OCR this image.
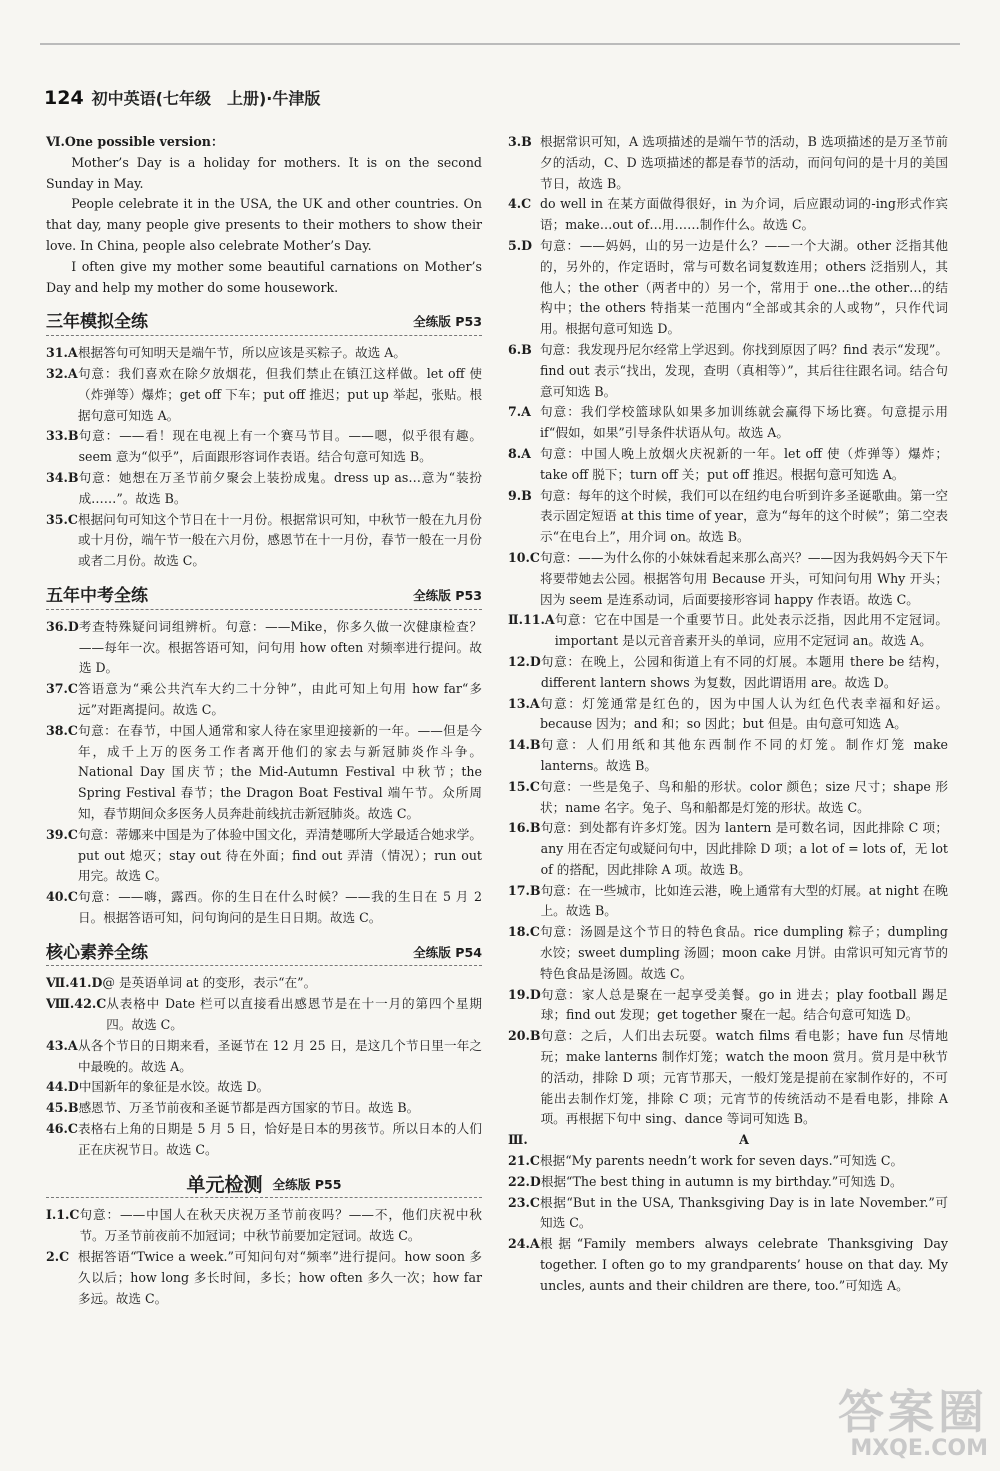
124 初中英语(七年级　上册)·牛津版
Ⅵ.One possible version：

Mother’s Day is a holiday for mothers. It is on the second Sunday in May.

People celebrate it in the USA, the UK and other countries. On that day, many people give presents to their mothers to show their love. In China, people also celebrate Mother’s Day.

I often give my mother some beautiful carnations on Mother’s Day and help my mother do some housework.

三年模拟全练	全练版 P53
31.A 根据答句可知明天是端午节，所以应该是买粽子。故选 A。
32.A 句意：我们喜欢在除夕放烟花，但我们禁止在镇江这样做。let off 使（炸弹等）爆炸；get off 下车；put off 推迟；put up 举起，张贴。根据句意可知选 A。
33.B 句意：——看！现在电视上有一个赛马节目。——嗯，似乎很有趣。seem 意为“似乎”，后面跟形容词作表语。结合句意可知选 B。
34.B 句意：她想在万圣节前夕聚会上装扮成鬼。dress up as…意为“装扮成……”。故选 B。
35.C 根据问句可知这个节日在十一月份。根据常识可知，中秋节一般在九月份或十月份，端午节一般在六月份，感恩节在十一月份，春节一般在一月份或者二月份。故选 C。
五年中考全练	全练版 P53
36.D 考查特殊疑问词组辨析。句意：——Mike，你多久做一次健康检查？——每年一次。根据答语可知，问句用 how often 对频率进行提问。故选 D。
37.C 答语意为“乘公共汽车大约二十分钟”，由此可知上句用 how far“多远”对距离提问。故选 C。
38.C 句意：在春节，中国人通常和家人待在家里迎接新的一年。——但是今年，成千上万的医务工作者离开他们的家去与新冠肺炎作斗争。National Day 国庆节；the Mid-Autumn Festival 中秋节；the Spring Festival 春节；the Dragon Boat Festival 端午节。众所周知，春节期间众多医务人员奔赴前线抗击新冠肺炎。故选 C。
39.C 句意：蒂娜来中国是为了体验中国文化，弄清楚哪所大学最适合她求学。put out 熄灭；stay out 待在外面；find out 弄清（情况）；run out 用完。故选 C。
40.C 句意：——嗨，露西。你的生日在什么时候？——我的生日在 5 月 2 日。根据答语可知，问句询问的是生日日期。故选 C。
核心素养全练	全练版 P54
Ⅶ.41.D @ 是英语单词 at 的变形，表示“在”。
Ⅷ.42.C 从表格中 Date 栏可以直接看出感恩节是在十一月的第四个星期四。故选 C。
43.A 从各个节日的日期来看，圣诞节在 12 月 25 日，是这几个节日里一年之中最晚的。故选 A。
44.D 中国新年的象征是水饺。故选 D。
45.B 感恩节、万圣节前夜和圣诞节都是西方国家的节日。故选 B。
46.C 表格右上角的日期是 5 月 5 日，恰好是日本的男孩节。所以日本的人们正在庆祝节日。故选 C。
单元检测 全练版 P55
Ⅰ.1.C 句意：——中国人在秋天庆祝万圣节前夜吗？——不，他们庆祝中秋节。万圣节前夜前不加冠词；中秋节前要加定冠词。故选 C。
2.C 根据答语“Twice a week.”可知问句对“频率”进行提问。how soon 多久以后；how long 多长时间，多长；how often 多久一次；how far 多远。故选 C。
3.B 根据常识可知，A 选项描述的是端午节的活动，B 选项描述的是万圣节前夕的活动，C、D 选项描述的都是春节的活动，而问句问的是十月的美国节日，故选 B。
4.C do well in 在某方面做得很好，in 为介词，后应跟动词的-ing形式作宾语；make…out of…用……制作什么。故选 C。
5.D 句意：——妈妈，山的另一边是什么？——一个大湖。other 泛指其他的，另外的，作定语时，常与可数名词复数连用；others 泛指别人，其他人；the other（两者中的）另一个，常用于 one…the other…的结构中；the others 特指某一范围内“全部或其余的人或物”，只作代词用。根据句意可知选 D。
6.B 句意：我发现丹尼尔经常上学迟到。你找到原因了吗？find 表示“发现”。find out 表示“找出，发现，查明（真相等）”，其后往往跟名词。结合句意可知选 B。
7.A 句意：我们学校篮球队如果多加训练就会赢得下场比赛。句意提示用 if“假如，如果”引导条件状语从句。故选 A。
8.A 句意：中国人晚上放烟火庆祝新的一年。let off 使（炸弹等）爆炸；take off 脱下；turn off 关；put off 推迟。根据句意可知选 A。
9.B 句意：每年的这个时候，我们可以在纽约电台听到许多圣诞歌曲。第一空表示固定短语 at this time of year，意为“每年的这个时候”；第二空表示“在电台上”，用介词 on。故选 B。
10.C 句意：——为什么你的小妹妹看起来那么高兴？——因为我妈妈今天下午将要带她去公园。根据答句用 Because 开头，可知问句用 Why 开头；因为 seem 是连系动词，后面要接形容词 happy 作表语。故选 C。
Ⅱ.11.A 句意：它在中国是一个重要节日。此处表示泛指，因此用不定冠词。important 是以元音音素开头的单词，应用不定冠词 an。故选 A。
12.D 句意：在晚上，公园和街道上有不同的灯展。本题用 there be 结构，different lantern shows 为复数，因此谓语用 are。故选 D。
13.A 句意：灯笼通常是红色的，因为中国人认为红色代表幸福和好运。because 因为；and 和；so 因此；but 但是。由句意可知选 A。
14.B 句意：人们用纸和其他东西制作不同的灯笼。制作灯笼 make lanterns。故选 B。
15.C 句意：一些是兔子、鸟和船的形状。color 颜色；size 尺寸；shape 形状；name 名字。兔子、鸟和船都是灯笼的形状。故选 C。
16.B 句意：到处都有许多灯笼。因为 lantern 是可数名词，因此排除 C 项；any 用在否定句或疑问句中，因此排除 D 项；a lot of = lots of，无 lot of 的搭配，因此排除 A 项。故选 B。
17.B 句意：在一些城市，比如连云港，晚上通常有大型的灯展。at night 在晚上。故选 B。
18.C 句意：汤圆是这个节日的特色食品。rice dumpling 粽子；dumpling 水饺；sweet dumpling 汤圆；moon cake 月饼。由常识可知元宵节的特色食品是汤圆。故选 C。
19.D 句意：家人总是聚在一起享受美餐。go in 进去；play football 踢足球；find out 发现；get together 聚在一起。结合句意可知选 D。
20.B 句意：之后，人们出去玩耍。watch films 看电影；have fun 尽情地玩；make lanterns 制作灯笼；watch the moon 赏月。赏月是中秋节的活动，排除 D 项；元宵节那天，一般灯笼是提前在家制作好的，不可能出去制作灯笼，排除 C 项；元宵节的传统活动不是看电影，排除 A 项。再根据下句中 sing、dance 等词可知选 B。
Ⅲ.	A
21.C 根据“My parents needn’t work for seven days.”可知选 C。
22.D 根据“The best thing in autumn is my birthday.”可知选 D。
23.C 根据“But in the USA, Thanksgiving Day is in late November.”可知选 C。
24.A 根据“Family members always celebrate Thanksgiving Day together. I often go to my grandparents’ house on that day. My uncles, aunts and their children are there, too.”可知选 A。
答案圈
MXQE.COM
